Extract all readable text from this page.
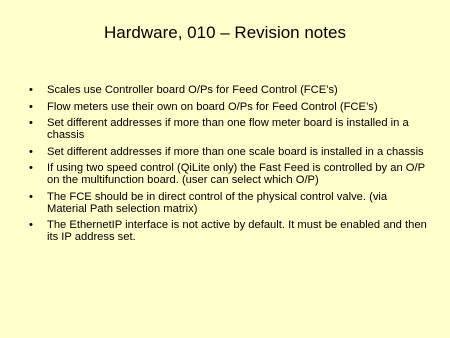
Hardware, 010 – Revision notes
• Scales use Controller board O/Ps for Feed Control (FCE’s)
• Flow meters use their own on board O/Ps for Feed Control (FCE’s)
• Set different addresses if more than one flow meter board is installed in a chassis
• Set different addresses if more than one scale board is installed in a chassis
• If using two speed control (QiLite only) the Fast Feed is controlled by an O/P on the multifunction board. (user can select which O/P)
• The FCE should be in direct control of the physical control valve. (via Material Path selection matrix)
• The EthernetIP interface is not active by default. It must be enabled and then its IP address set.
